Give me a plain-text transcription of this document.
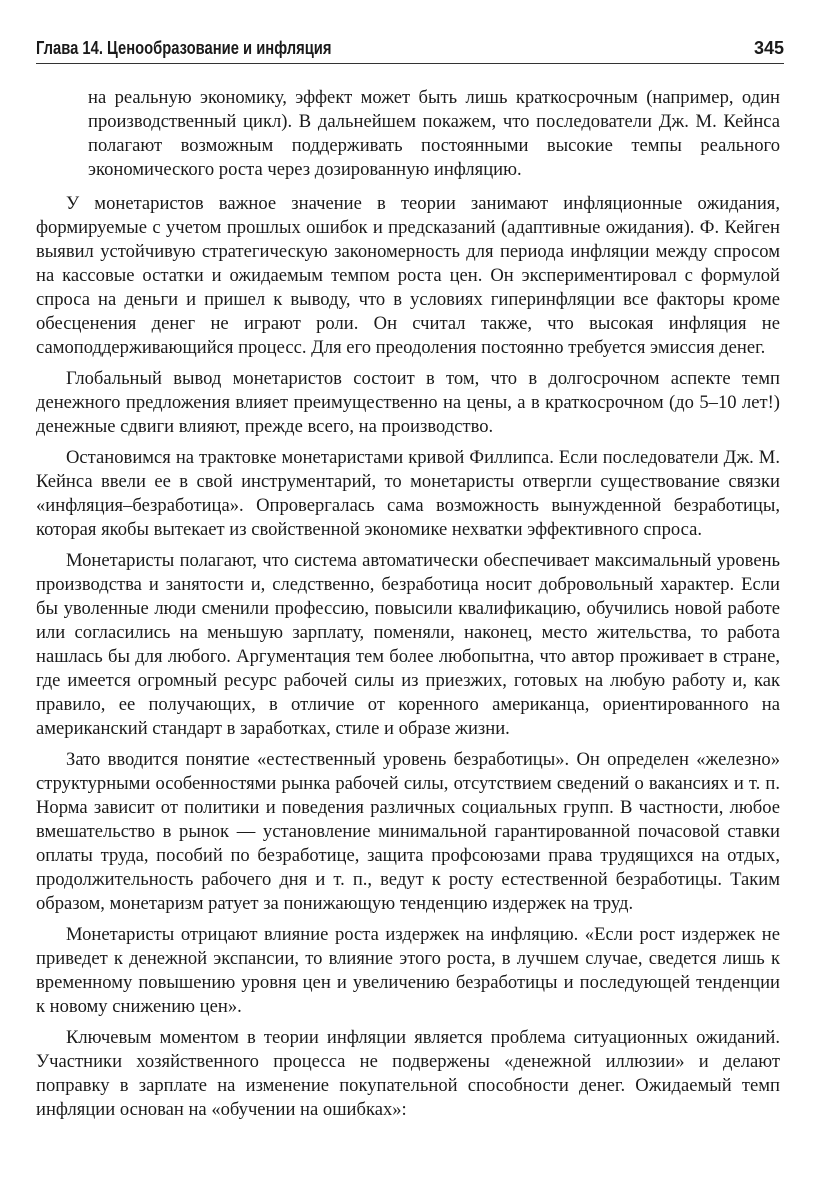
Глава 14. Ценообразование и инфляция	345

на реальную экономику, эффект может быть лишь краткосрочным (например, один производственный цикл). В дальнейшем покажем, что последователи Дж. М. Кейнса полагают возможным поддерживать постоянными высокие темпы реального экономического роста через дозированную инфляцию.

У монетаристов важное значение в теории занимают инфляционные ожидания, формируемые с учетом прошлых ошибок и предсказаний (адаптивные ожидания). Ф. Кейген выявил устойчивую стратегическую закономерность для периода инфляции между спросом на кассовые остатки и ожидаемым темпом роста цен. Он экспериментировал с формулой спроса на деньги и пришел к выводу, что в условиях гиперинфляции все факторы кроме обесценения денег не играют роли. Он считал также, что высокая инфляция не самоподдерживающийся процесс. Для его преодоления постоянно требуется эмиссия денег.

Глобальный вывод монетаристов состоит в том, что в долгосрочном аспекте темп денежного предложения влияет преимущественно на цены, а в краткосрочном (до 5–10 лет!) денежные сдвиги влияют, прежде всего, на производство.

Остановимся на трактовке монетаристами кривой Филлипса. Если последователи Дж. М. Кейнса ввели ее в свой инструментарий, то монетаристы отвергли существование связки «инфляция–безработица». Опровергалась сама возможность вынужденной безработицы, которая якобы вытекает из свойственной экономике нехватки эффективного спроса.

Монетаристы полагают, что система автоматически обеспечивает максимальный уровень производства и занятости и, следственно, безработица носит добровольный характер. Если бы уволенные люди сменили профессию, повысили квалификацию, обучились новой работе или согласились на меньшую зарплату, поменяли, наконец, место жительства, то работа нашлась бы для любого. Аргументация тем более любопытна, что автор проживает в стране, где имеется огромный ресурс рабочей силы из приезжих, готовых на любую работу и, как правило, ее получающих, в отличие от коренного американца, ориентированного на американский стандарт в заработках, стиле и образе жизни.

Зато вводится понятие «естественный уровень безработицы». Он определен «железно» структурными особенностями рынка рабочей силы, отсутствием сведений о вакансиях и т. п. Норма зависит от политики и поведения различных социальных групп. В частности, любое вмешательство в рынок — установление минимальной гарантированной почасовой ставки оплаты труда, пособий по безработице, защита профсоюзами права трудящихся на отдых, продолжительность рабочего дня и т. п., ведут к росту естественной безработицы. Таким образом, монетаризм ратует за понижающую тенденцию издержек на труд.

Монетаристы отрицают влияние роста издержек на инфляцию. «Если рост издержек не приведет к денежной экспансии, то влияние этого роста, в лучшем случае, сведется лишь к временному повышению уровня цен и увеличению безработицы и последующей тенденции к новому снижению цен».

Ключевым моментом в теории инфляции является проблема ситуационных ожиданий. Участники хозяйственного процесса не подвержены «денежной иллюзии» и делают поправку в зарплате на изменение покупательной способности денег. Ожидаемый темп инфляции основан на «обучении на ошибках»:
